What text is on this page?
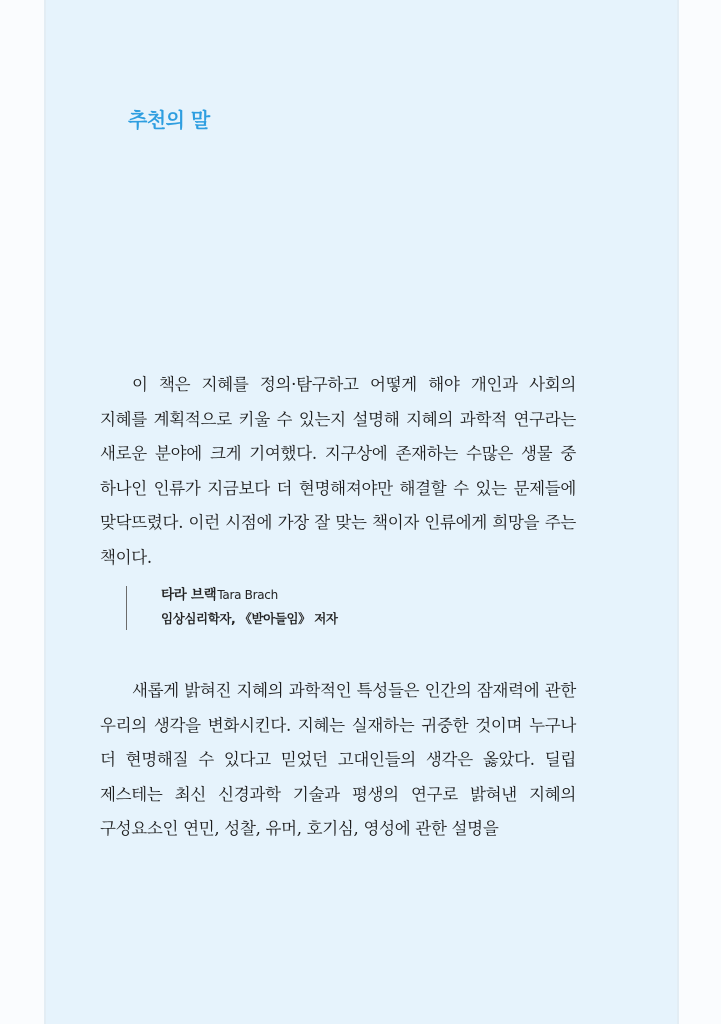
추천의 말

이 책은 지혜를 정의·탐구하고 어떻게 해야 개인과 사회의 지혜를 계획적으로 키울 수 있는지 설명해 지혜의 과학적 연구라는 새로운 분야에 크게 기여했다. 지구상에 존재하는 수많은 생물 중 하나인 인류가 지금보다 더 현명해져야만 해결할 수 있는 문제들에 맞닥뜨렸다. 이런 시점에 가장 잘 맞는 책이자 인류에게 희망을 주는 책이다.

타라 브랙Tara Brach

임상심리학자, 《받아들임》 저자

새롭게 밝혀진 지혜의 과학적인 특성들은 인간의 잠재력에 관한 우리의 생각을 변화시킨다. 지혜는 실재하는 귀중한 것이며 누구나 더 현명해질 수 있다고 믿었던 고대인들의 생각은 옳았다. 딜립 제스테는 최신 신경과학 기술과 평생의 연구로 밝혀낸 지혜의 구성요소인 연민, 성찰, 유머, 호기심, 영성에 관한 설명을
